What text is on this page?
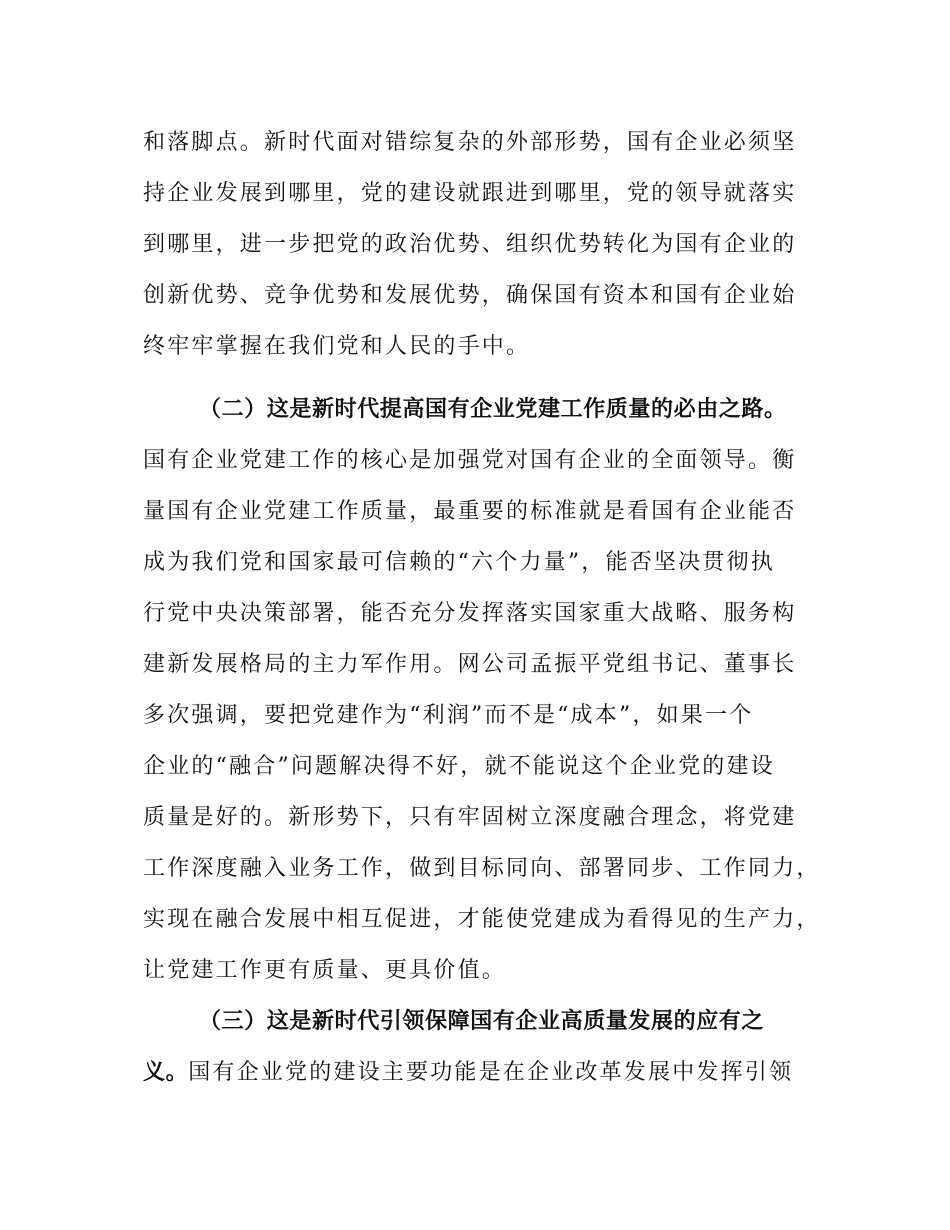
和落脚点。新时代面对错综复杂的外部形势，国有企业必须坚
持企业发展到哪里，党的建设就跟进到哪里，党的领导就落实
到哪里，进一步把党的政治优势、组织优势转化为国有企业的
创新优势、竞争优势和发展优势，确保国有资本和国有企业始
终牢牢掌握在我们党和人民的手中。
（二）这是新时代提高国有企业党建工作质量的必由之路。
国有企业党建工作的核心是加强党对国有企业的全面领导。衡
量国有企业党建工作质量，最重要的标准就是看国有企业能否
成为我们党和国家最可信赖的“六个力量”，能否坚决贯彻执
行党中央决策部署，能否充分发挥落实国家重大战略、服务构
建新发展格局的主力军作用。网公司孟振平党组书记、董事长
多次强调，要把党建作为“利润”而不是“成本”，如果一个
企业的“融合”问题解决得不好，就不能说这个企业党的建设
质量是好的。新形势下，只有牢固树立深度融合理念，将党建
工作深度融入业务工作，做到目标同向、部署同步、工作同力，
实现在融合发展中相互促进，才能使党建成为看得见的生产力，
让党建工作更有质量、更具价值。
（三）这是新时代引领保障国有企业高质量发展的应有之
义。国有企业党的建设主要功能是在企业改革发展中发挥引领
